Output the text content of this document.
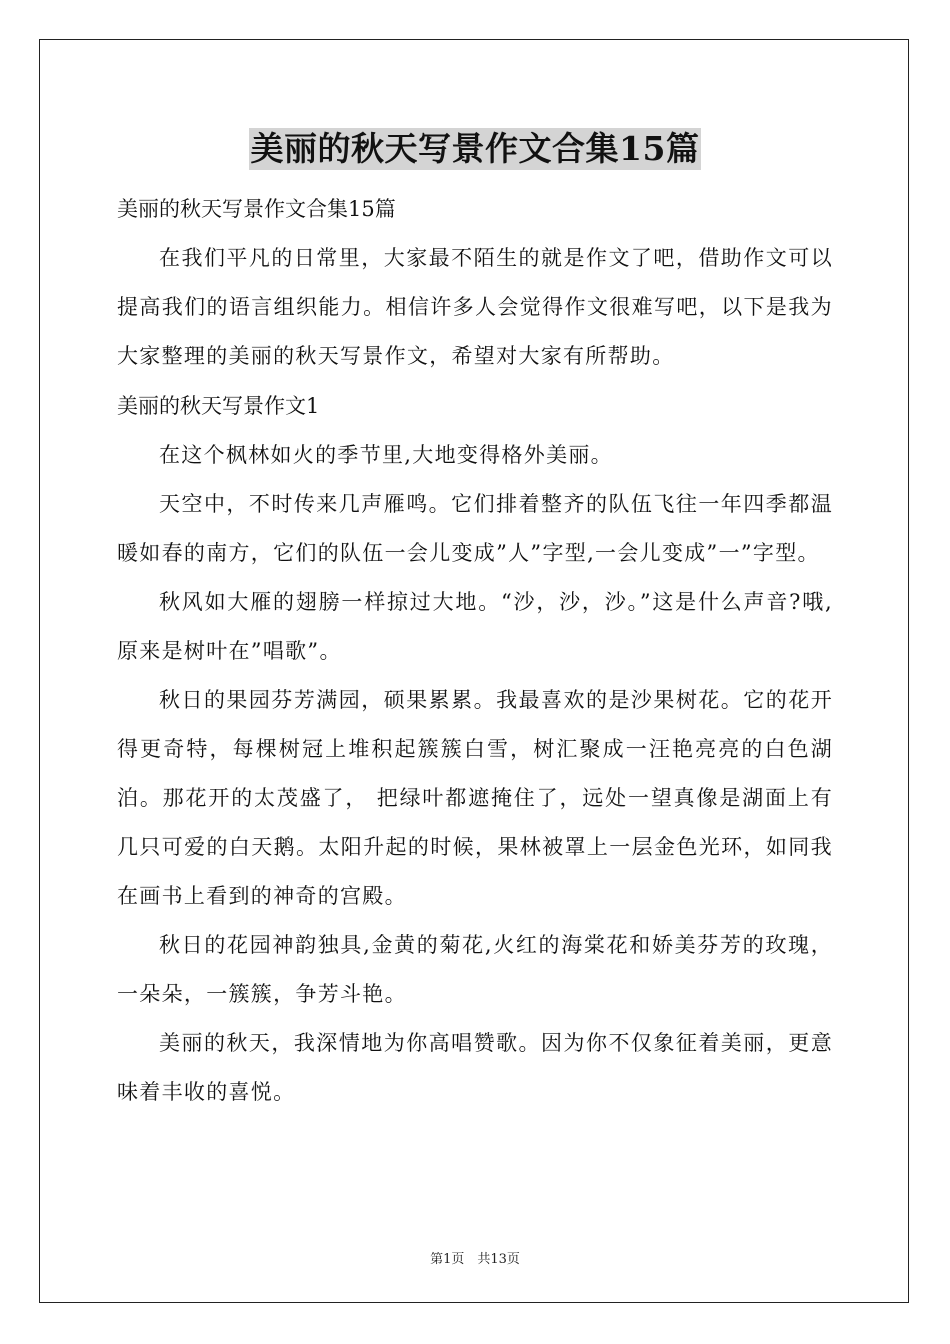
美丽的秋天写景作文合集15篇
美丽的秋天写景作文合集15篇

在我们平凡的日常里，大家最不陌生的就是作文了吧，借助作文可以提高我们的语言组织能力。相信许多人会觉得作文很难写吧，以下是我为大家整理的美丽的秋天写景作文，希望对大家有所帮助。

美丽的秋天写景作文1

在这个枫林如火的季节里,大地变得格外美丽。

天空中，不时传来几声雁鸣。它们排着整齐的队伍飞往一年四季都温暖如春的南方，它们的队伍一会儿变成”人”字型,一会儿变成”一”字型。

秋风如大雁的翅膀一样掠过大地。“沙，沙，沙。”这是什么声音?哦,原来是树叶在”唱歌”。

秋日的果园芬芳满园，硕果累累。我最喜欢的是沙果树花。它的花开得更奇特，每棵树冠上堆积起簇簇白雪，树汇聚成一汪艳亮亮的白色湖泊。那花开的太茂盛了， 把绿叶都遮掩住了，远处一望真像是湖面上有几只可爱的白天鹅。太阳升起的时候，果林被罩上一层金色光环，如同我在画书上看到的神奇的宫殿。

秋日的花园神韵独具,金黄的菊花,火红的海棠花和娇美芬芳的玫瑰，一朵朵，一簇簇，争芳斗艳。

美丽的秋天，我深情地为你高唱赞歌。因为你不仅象征着美丽，更意味着丰收的喜悦。

第1页　共13页
